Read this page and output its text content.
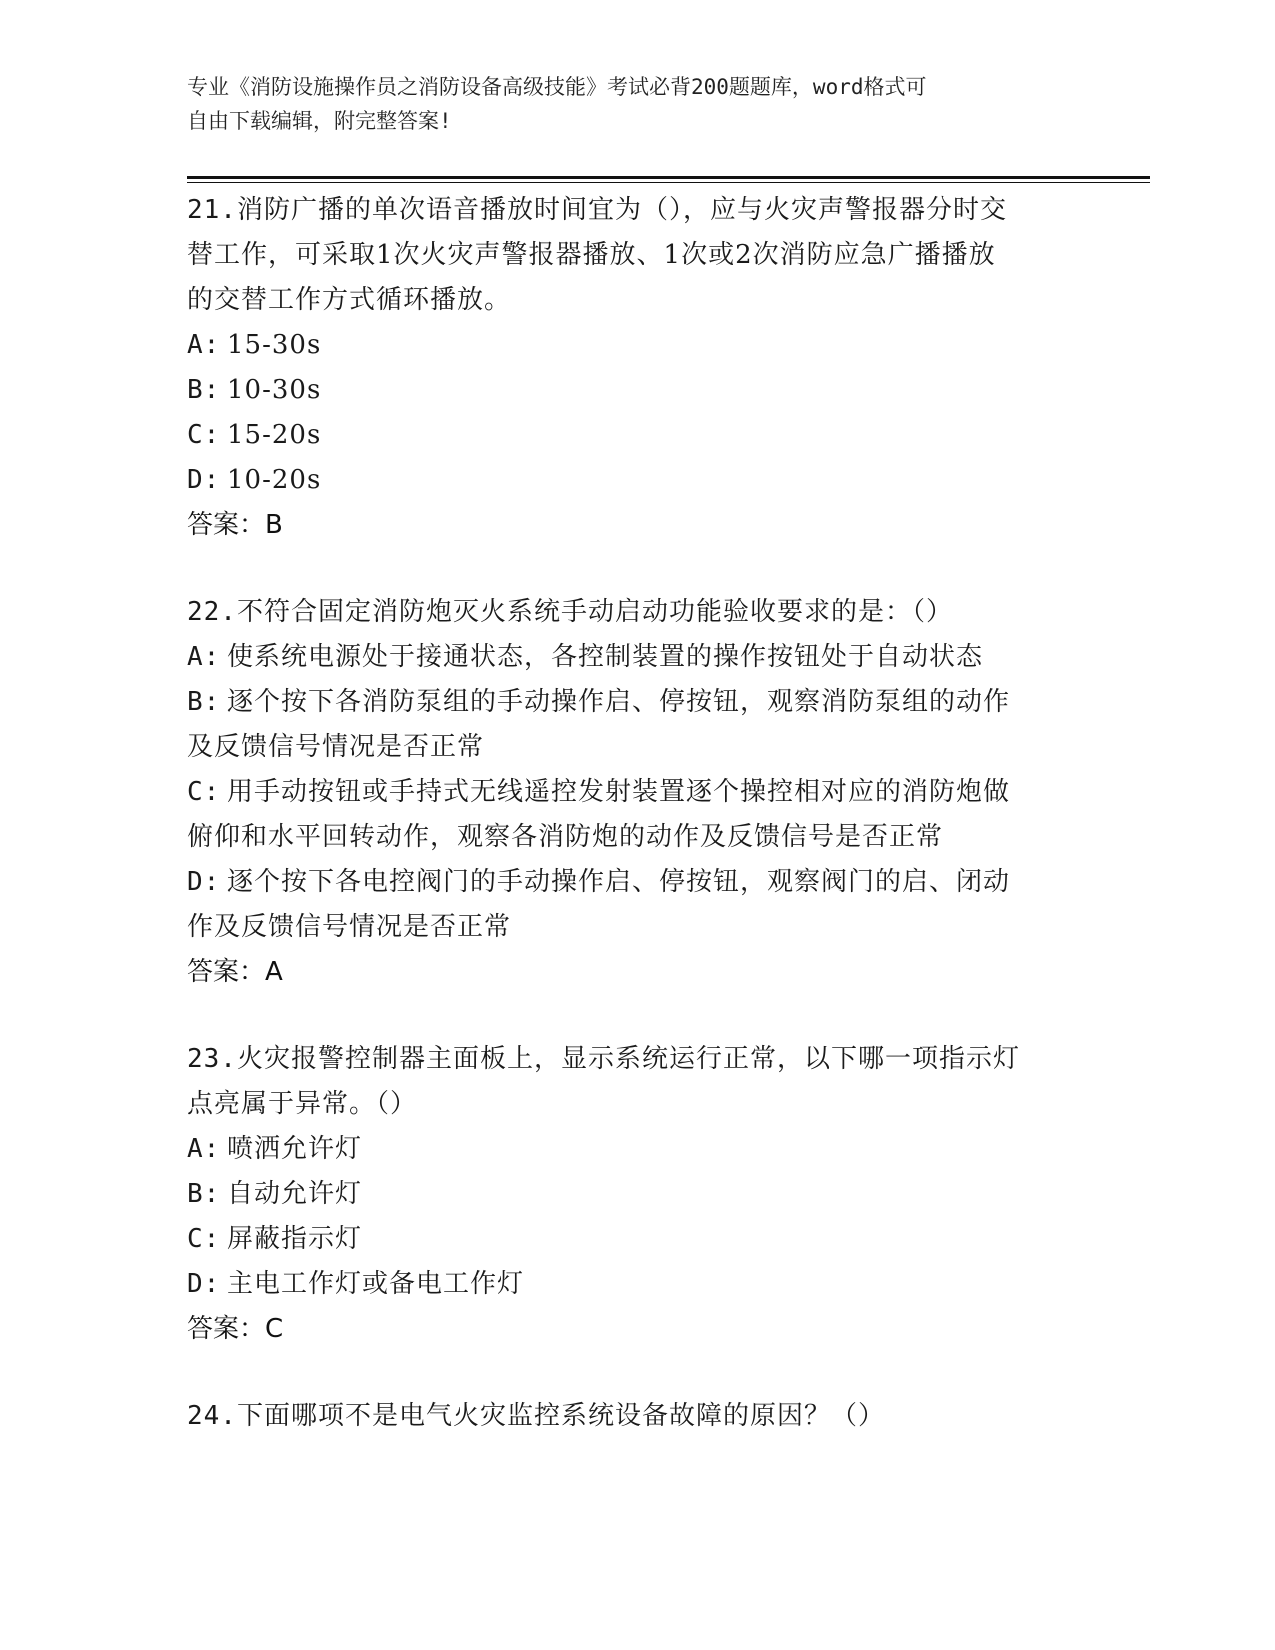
专业《消防设施操作员之消防设备高级技能》考试必背200题题库，word格式可
自由下载编辑，附完整答案!
21.消防广播的单次语音播放时间宜为（），应与火灾声警报器分时交
替工作，可采取1次火灾声警报器播放、1次或2次消防应急广播播放
的交替工作方式循环播放。
A: 15-30s
B: 10-30s
C: 15-20s
D: 10-20s
答案：B
22.不符合固定消防炮灭火系统手动启动功能验收要求的是：（）
A: 使系统电源处于接通状态，各控制装置的操作按钮处于自动状态
B: 逐个按下各消防泵组的手动操作启、停按钮，观察消防泵组的动作
及反馈信号情况是否正常
C: 用手动按钮或手持式无线遥控发射装置逐个操控相对应的消防炮做
俯仰和水平回转动作，观察各消防炮的动作及反馈信号是否正常
D: 逐个按下各电控阀门的手动操作启、停按钮，观察阀门的启、闭动
作及反馈信号情况是否正常
答案：A
23.火灾报警控制器主面板上，显示系统运行正常，以下哪一项指示灯
点亮属于异常。（）
A: 喷洒允许灯
B: 自动允许灯
C: 屏蔽指示灯
D: 主电工作灯或备电工作灯
答案：C
24.下面哪项不是电气火灾监控系统设备故障的原因？（）
